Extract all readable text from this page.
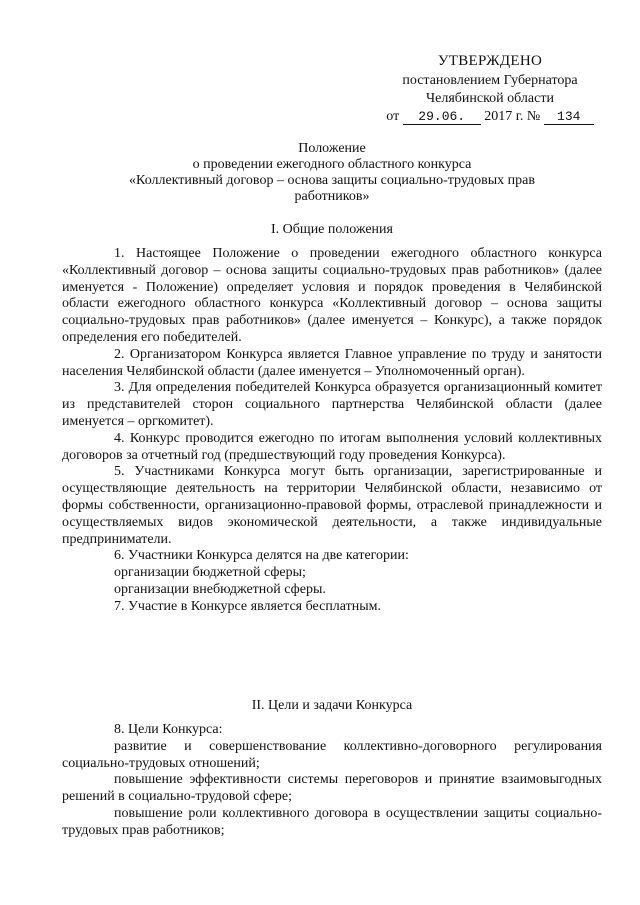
УТВЕРЖДЕНО
постановлением Губернатора
Челябинской области
от 29.06. 2017 г. № 134

Положение

о проведении ежегодного областного конкурса

«Коллективный договор – основа защиты социально-трудовых прав

работников»

I. Общие положения

1. Настоящее Положение о проведении ежегодного областного конкурса «Коллективный договор – основа защиты социально-трудовых прав работников» (далее именуется - Положение) определяет условия и порядок проведения в Челябинской области ежегодного областного конкурса «Коллективный договор – основа защиты социально-трудовых прав работников» (далее именуется – Конкурс), а также порядок определения его победителей.

2. Организатором Конкурса является Главное управление по труду и занятости населения Челябинской области (далее именуется – Уполномоченный орган).

3. Для определения победителей Конкурса образуется организационный комитет из представителей сторон социального партнерства Челябинской области (далее именуется – оргкомитет).

4. Конкурс проводится ежегодно по итогам выполнения условий коллективных договоров за отчетный год (предшествующий году проведения Конкурса).

5. Участниками Конкурса могут быть организации, зарегистрированные и осуществляющие деятельность на территории Челябинской области, независимо от формы собственности, организационно-правовой формы, отраслевой принадлежности и осуществляемых видов экономической деятельности, а также индивидуальные предприниматели.

6. Участники Конкурса делятся на две категории:

организации бюджетной сферы;

организации внебюджетной сферы.

7. Участие в Конкурсе является бесплатным.

II. Цели и задачи Конкурса

8. Цели Конкурса:

развитие и совершенствование коллективно-договорного регулирования социально-трудовых отношений;

повышение эффективности системы переговоров и принятие взаимовыгодных решений в социально-трудовой сфере;

повышение роли коллективного договора в осуществлении защиты социально-трудовых прав работников;
